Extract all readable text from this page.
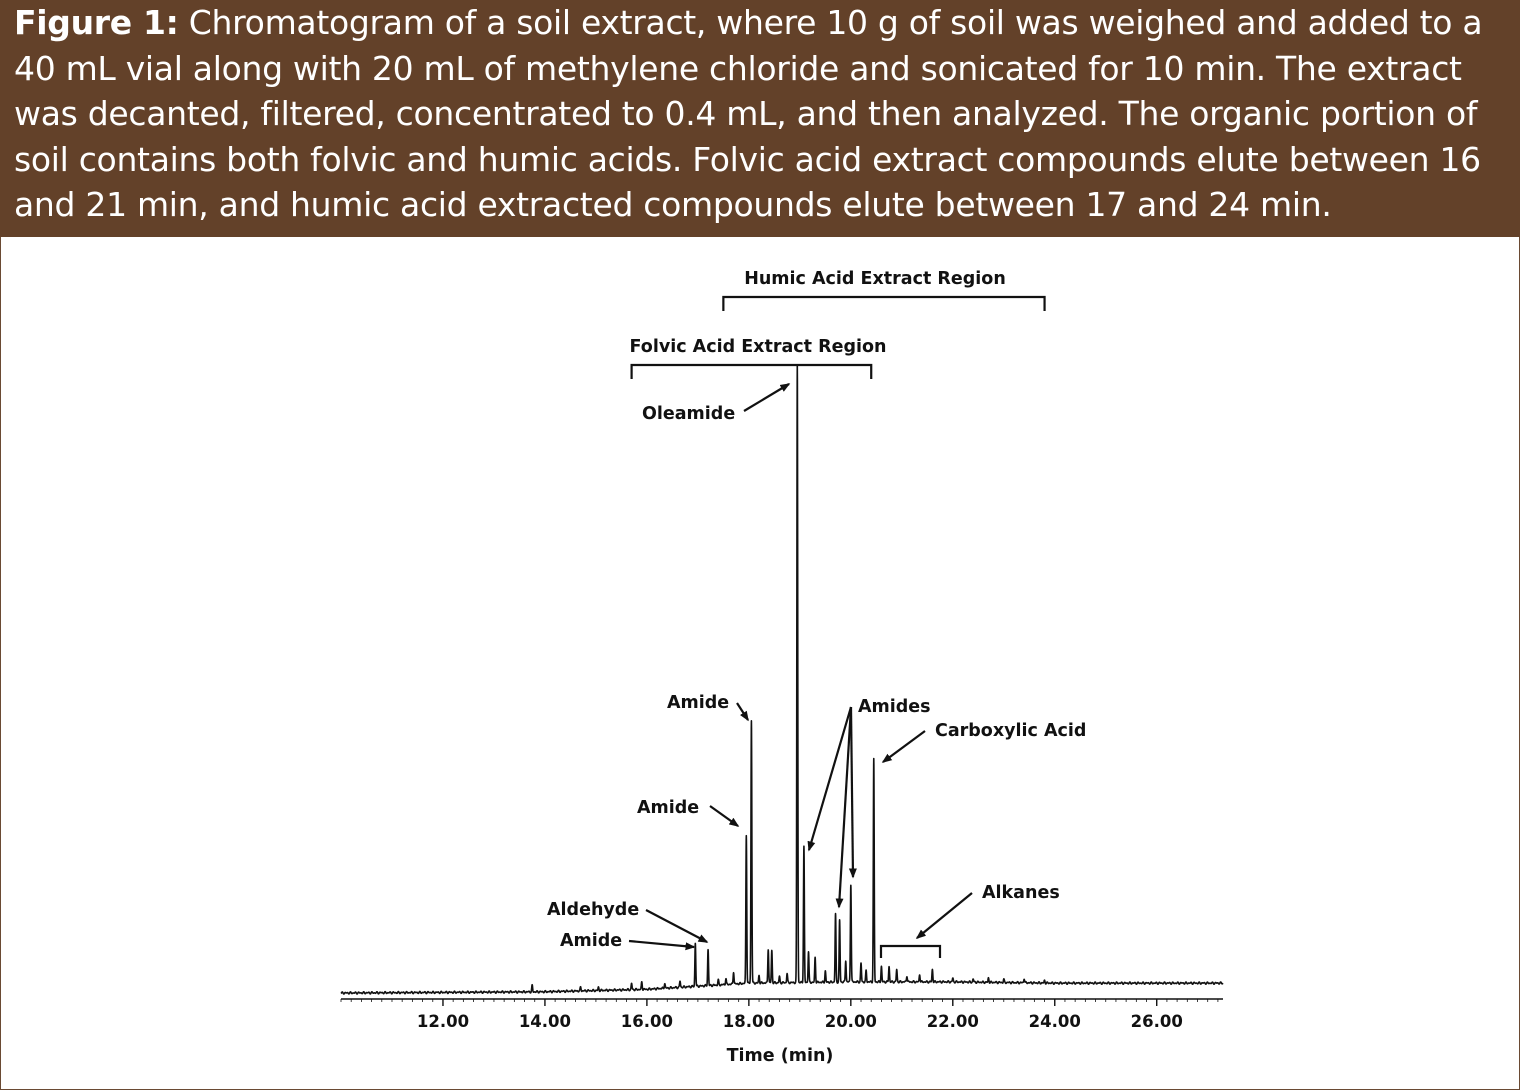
Figure 1: Chromatogram of a soil extract, where 10 g of soil was weighed and added to a 40 mL vial along with 20 mL of methylene chloride and sonicated for 10 min. The extract was decanted, filtered, concentrated to 0.4 mL, and then analyzed. The organic portion of soil contains both folvic and humic acids. Folvic acid extract compounds elute between 16 and 21 min, and humic acid extracted compounds elute between 17 and 24 min.
12.00	14.00	16.00	18.00	20.00	22.00	24.00	26.00
Humic Acid Extract Region
Folvic Acid Extract Region
Oleamide
Amide
Amide
Amides
Carboxylic Acid
Alkanes
Aldehyde
Amide
Time (min)
